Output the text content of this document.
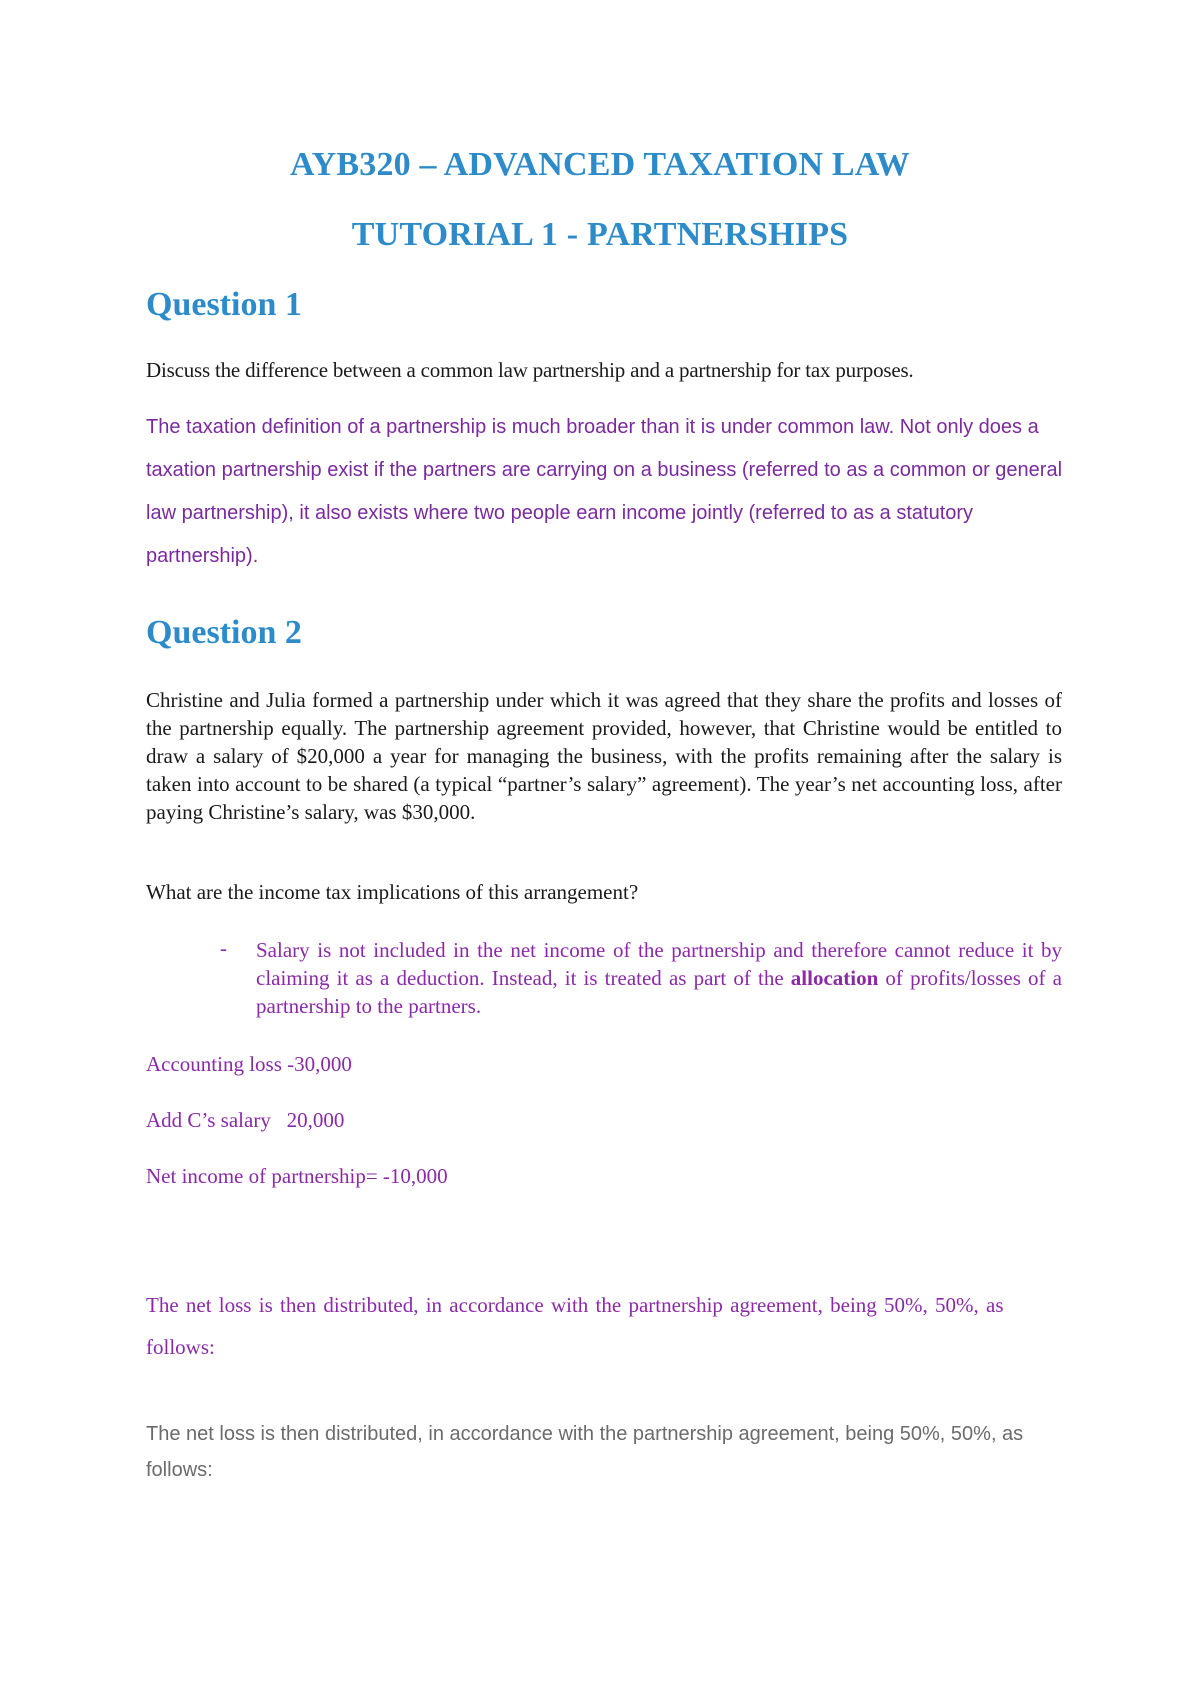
AYB320 – ADVANCED TAXATION LAW
TUTORIAL 1 - PARTNERSHIPS
Question 1

Discuss the difference between a common law partnership and a partnership for tax purposes.

The taxation definition of a partnership is much broader than it is under common law. Not only does a taxation partnership exist if the partners are carrying on a business (referred to as a common or general law partnership), it also exists where two people earn income jointly (referred to as a statutory partnership).

Question 2

Christine and Julia formed a partnership under which it was agreed that they share the profits and losses of the partnership equally. The partnership agreement provided, however, that Christine would be entitled to draw a salary of $20,000 a year for managing the business, with the profits remaining after the salary is taken into account to be shared (a typical “partner’s salary” agreement). The year’s net accounting loss, after paying Christine’s salary, was $30,000.

What are the income tax implications of this arrangement?

- Salary is not included in the net income of the partnership and therefore cannot reduce it by claiming it as a deduction. Instead, it is treated as part of the allocation of profits/losses of a partnership to the partners.

Accounting loss -30,000

Add C’s salary   20,000

Net income of partnership= -10,000

The net loss is then distributed, in accordance with the partnership agreement, being 50%, 50%, as follows:

The net loss is then distributed, in accordance with the partnership agreement, being 50%, 50%, as follows:
